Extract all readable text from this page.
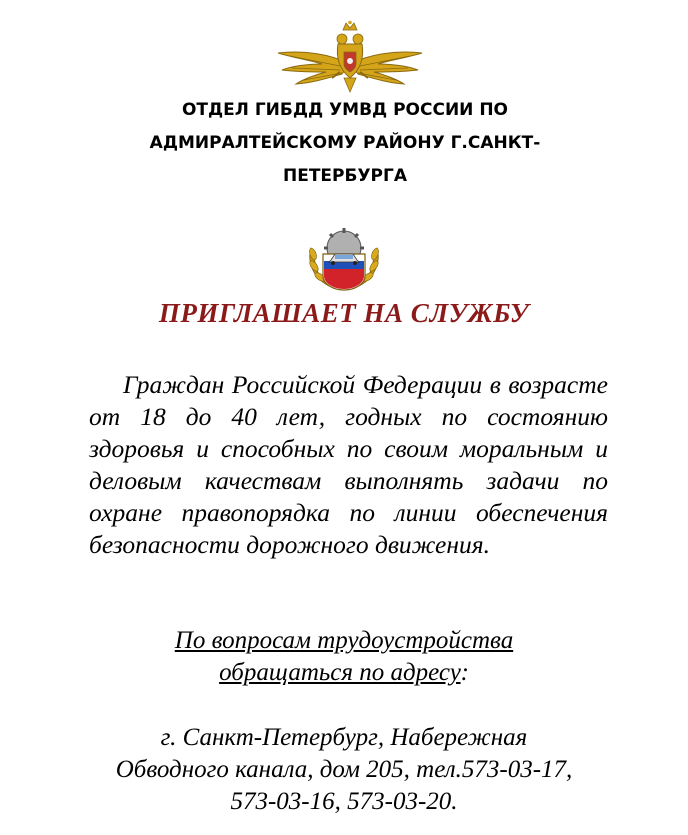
ОТДЕЛ ГИБДД УМВД РОССИИ ПО
АДМИРАЛТЕЙСКОМУ РАЙОНУ Г.САНКТ-
ПЕТЕРБУРГА
ПРИГЛАШАЕТ НА СЛУЖБУ
Граждан Российской Федерации в возрасте от 18 до 40 лет, годных по состоянию здоровья и способных по своим моральным и деловым качествам выполнять задачи по охране правопорядка по линии обеспечения безопасности дорожного движения.
По вопросам трудоустройства
обращаться по адресу:
г. Санкт-Петербург, Набережная
Обводного канала, дом 205, тел.573-03-17,
573-03-16, 573-03-20.
